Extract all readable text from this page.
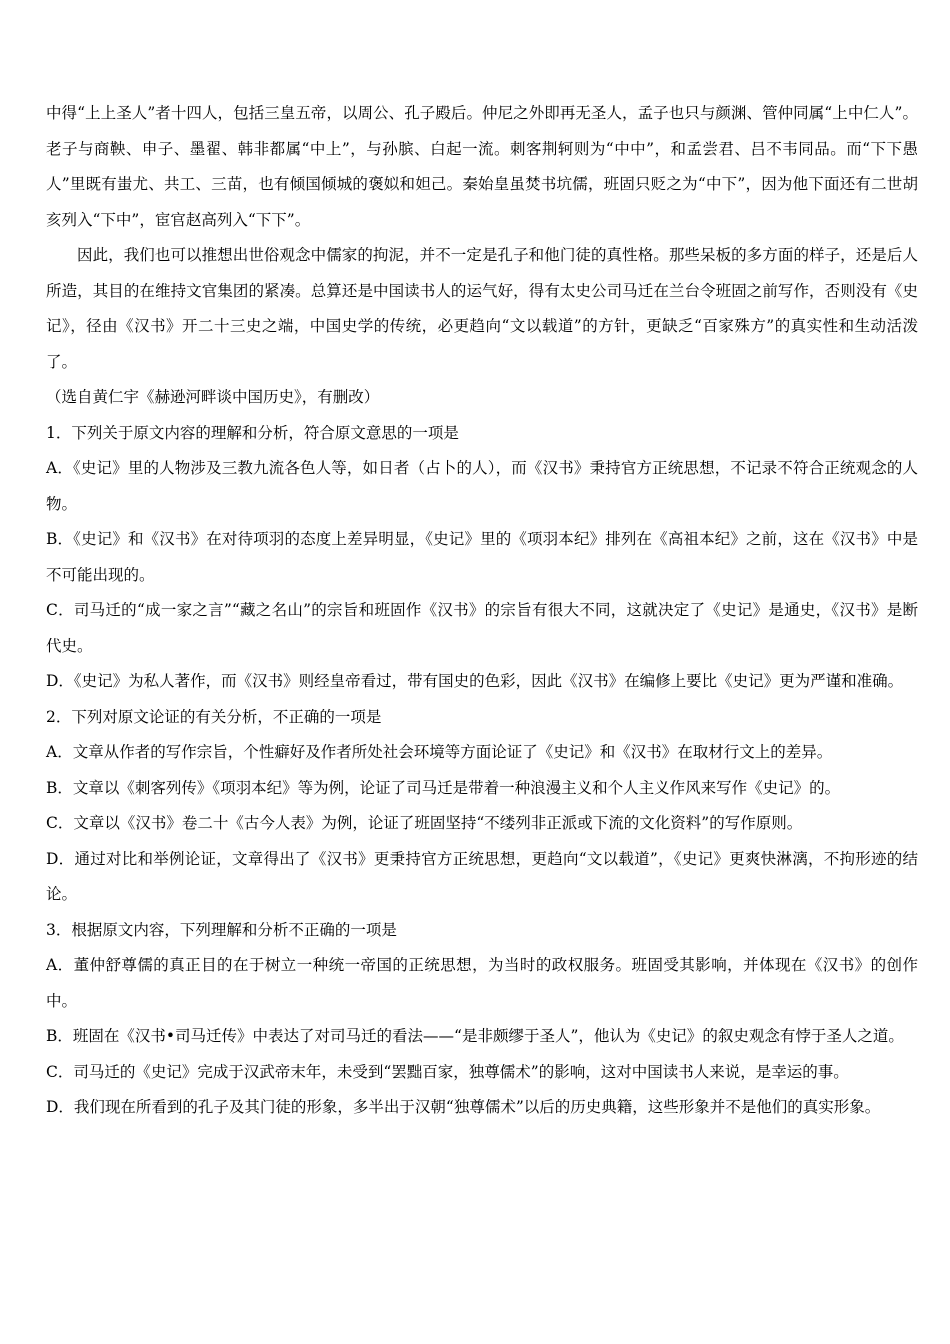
中得“上上圣人”者十四人，包括三皇五帝，以周公、孔子殿后。仲尼之外即再无圣人，孟子也只与颜渊、管仲同属“上中仁人”。老子与商鞅、申子、墨翟、韩非都属“中上”，与孙膑、白起一流。刺客荆轲则为“中中”，和孟尝君、吕不韦同品。而“下下愚人”里既有蚩尤、共工、三苗，也有倾国倾城的褒姒和妲己。秦始皇虽焚书坑儒，班固只贬之为“中下”，因为他下面还有二世胡亥列入“下中”，宦官赵高列入“下下”。

因此，我们也可以推想出世俗观念中儒家的拘泥，并不一定是孔子和他门徒的真性格。那些呆板的多方面的样子，还是后人所造，其目的在维持文官集团的紧凑。总算还是中国读书人的运气好，得有太史公司马迁在兰台令班固之前写作，否则没有《史记》，径由《汉书》开二十三史之端，中国史学的传统，必更趋向“文以载道”的方针，更缺乏“百家殊方”的真实性和生动活泼了。

（选自黄仁宇《赫逊河畔谈中国历史》，有删改）

1．下列关于原文内容的理解和分析，符合原文意思的一项是

A．《史记》里的人物涉及三教九流各色人等，如日者（占卜的人），而《汉书》秉持官方正统思想，不记录不符合正统观念的人物。

B．《史记》和《汉书》在对待项羽的态度上差异明显，《史记》里的《项羽本纪》排列在《高祖本纪》之前，这在《汉书》中是不可能出现的。

C．司马迁的“成一家之言”“藏之名山”的宗旨和班固作《汉书》的宗旨有很大不同，这就决定了《史记》是通史，《汉书》是断代史。

D．《史记》为私人著作，而《汉书》则经皇帝看过，带有国史的色彩，因此《汉书》在编修上要比《史记》更为严谨和准确。

2．下列对原文论证的有关分析，不正确的一项是

A．文章从作者的写作宗旨，个性癖好及作者所处社会环境等方面论证了《史记》和《汉书》在取材行文上的差异。

B．文章以《刺客列传》《项羽本纪》等为例，论证了司马迁是带着一种浪漫主义和个人主义作风来写作《史记》的。

C．文章以《汉书》卷二十《古今人表》为例，论证了班固坚持“不缕列非正派或下流的文化资料”的写作原则。

D．通过对比和举例论证，文章得出了《汉书》更秉持官方正统思想，更趋向“文以载道”，《史记》更爽快淋漓，不拘形迹的结论。

3．根据原文内容，下列理解和分析不正确的一项是

A．董仲舒尊儒的真正目的在于树立一种统一帝国的正统思想，为当时的政权服务。班固受其影响，并体现在《汉书》的创作中。

B．班固在《汉书•司马迁传》中表达了对司马迁的看法——“是非颇缪于圣人”，他认为《史记》的叙史观念有悖于圣人之道。

C．司马迁的《史记》完成于汉武帝末年，未受到“罢黜百家，独尊儒术”的影响，这对中国读书人来说，是幸运的事。

D．我们现在所看到的孔子及其门徒的形象，多半出于汉朝“独尊儒术”以后的历史典籍，这些形象并不是他们的真实形象。
